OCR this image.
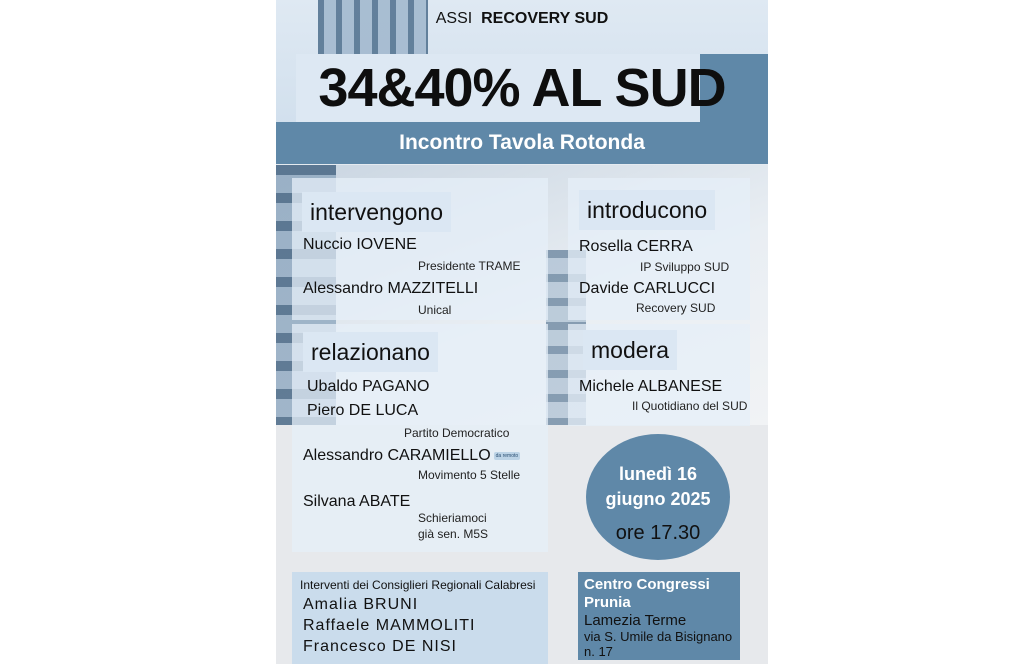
ASSI RECOVERY SUD
34&40% AL SUD
Incontro Tavola Rotonda
intervengono
Nuccio IOVENE
Presidente TRAME
Alessandro MAZZITELLI
Unical
introducono
Rosella CERRA
IP Sviluppo SUD
Davide CARLUCCI
Recovery SUD
relazionano
Ubaldo PAGANO
Piero DE LUCA
Partito Democratico
Alessandro CARAMIELLO da remoto
Movimento 5 Stelle
Silvana ABATE
Schieriamoci
già sen. M5S
modera
Michele ALBANESE
Il Quotidiano del SUD
lunedì 16
giugno 2025
ore 17.30
Centro Congressi
Prunia
Lamezia Terme
via S. Umile da Bisignano
n. 17
Interventi dei Consiglieri Regionali Calabresi
Amalia BRUNI
Raffaele MAMMOLITI
Francesco DE NISI
